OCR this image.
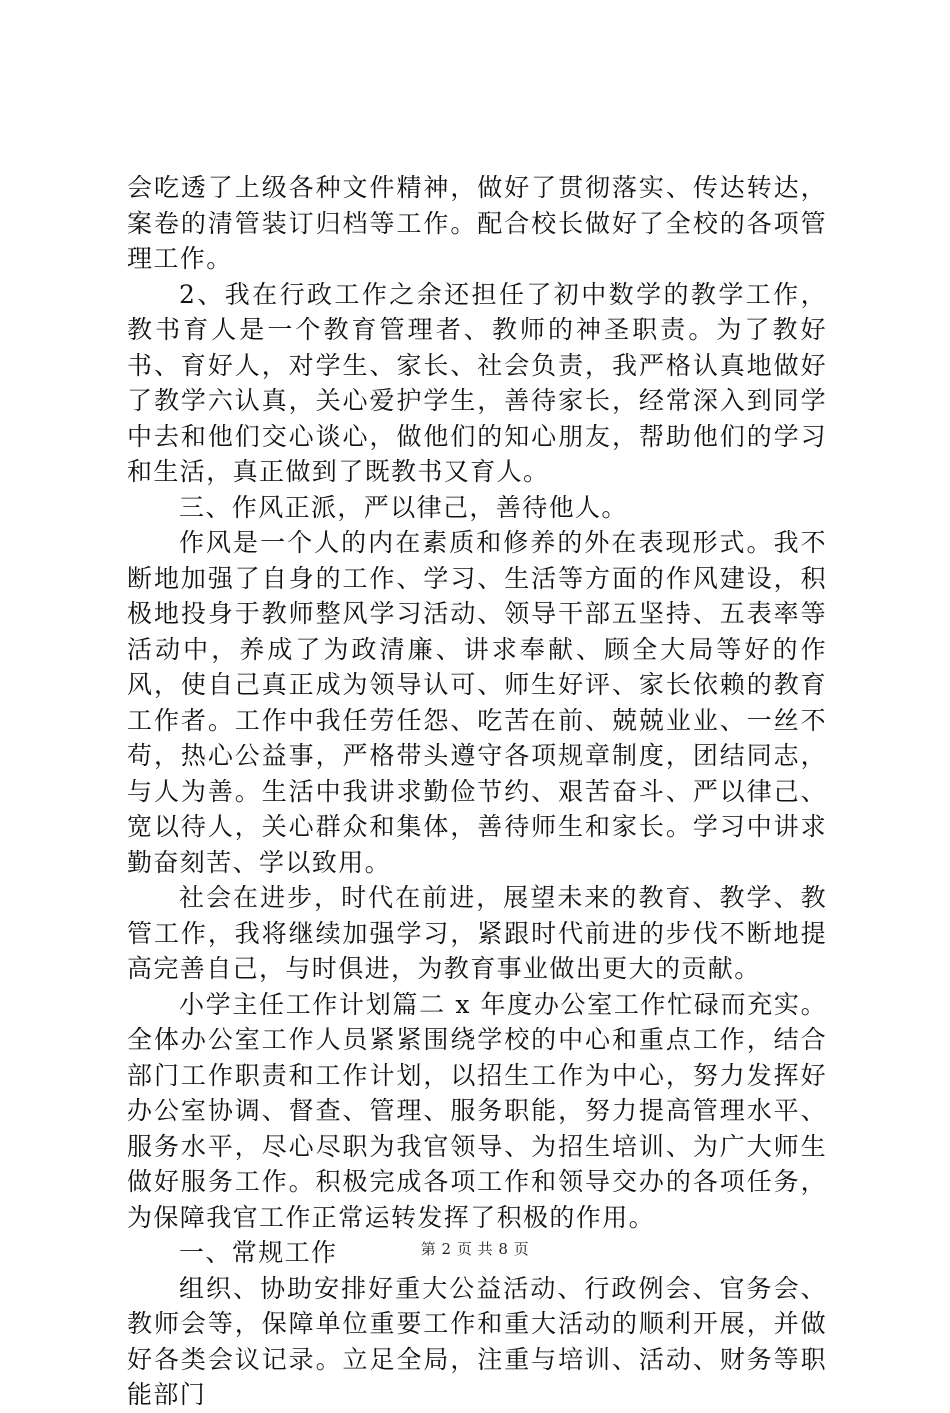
会吃透了上级各种文件精神，做好了贯彻落实、传达转达，案卷的清管装订归档等工作。配合校长做好了全校的各项管理工作。

2、我在行政工作之余还担任了初中数学的教学工作，教书育人是一个教育管理者、教师的神圣职责。为了教好书、育好人，对学生、家长、社会负责，我严格认真地做好了教学六认真，关心爱护学生，善待家长，经常深入到同学中去和他们交心谈心，做他们的知心朋友，帮助他们的学习和生活，真正做到了既教书又育人。

三、作风正派，严以律己，善待他人。

作风是一个人的内在素质和修养的外在表现形式。我不断地加强了自身的工作、学习、生活等方面的作风建设，积极地投身于教师整风学习活动、领导干部五坚持、五表率等活动中，养成了为政清廉、讲求奉献、顾全大局等好的作风，使自己真正成为领导认可、师生好评、家长依赖的教育工作者。工作中我任劳任怨、吃苦在前、兢兢业业、一丝不苟，热心公益事，严格带头遵守各项规章制度，团结同志，与人为善。生活中我讲求勤俭节约、艰苦奋斗、严以律己、宽以待人，关心群众和集体，善待师生和家长。学习中讲求勤奋刻苦、学以致用。

社会在进步，时代在前进，展望未来的教育、教学、教管工作，我将继续加强学习，紧跟时代前进的步伐不断地提高完善自己，与时俱进，为教育事业做出更大的贡献。

小学主任工作计划篇二 x 年度办公室工作忙碌而充实。全体办公室工作人员紧紧围绕学校的中心和重点工作，结合部门工作职责和工作计划，以招生工作为中心，努力发挥好办公室协调、督查、管理、服务职能，努力提高管理水平、服务水平，尽心尽职为我官领导、为招生培训、为广大师生做好服务工作。积极完成各项工作和领导交办的各项任务，为保障我官工作正常运转发挥了积极的作用。

一、常规工作

组织、协助安排好重大公益活动、行政例会、官务会、教师会等，保障单位重要工作和重大活动的顺利开展，并做好各类会议记录。立足全局，注重与培训、活动、财务等职能部门

第 2 页 共 8 页
